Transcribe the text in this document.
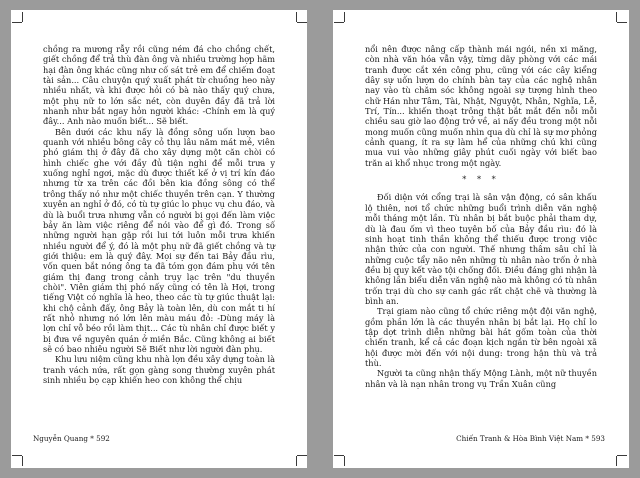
chồng ra mương rẫy rồi cũng ném đá cho chồng chết, giết chồng để trả thù đàn ông và nhiều trường hợp hãm hại đàn ông khác cũng như cố sát trẻ em để chiếm đoạt tài sản... Câu chuyện quý xuất phát từ chuồng heo này nhiều nhất, và khi được hỏi có bà nào thấy quý chưa, một phụ nữ to lớn sắc nét, còn duyên đầy đã trả lời nhanh như bắt ngay hỏn người khác: -Chính em là quý đây... Anh nào muốn biết... Sẽ biết.

Bên dưới các khu nấy là đồng sông uốn lượn bao quanh với nhiều bông cây cỏ thụ lâu năm mát mẻ, viên phó giám thị ở đây đã cho xây dựng một căn chòi có hình chiếc ghe với đầy đủ tiện nghi để mỗi trưa y xuống nghỉ ngơi, mặc dù được thiết kế ở vị trí kín đáo nhưng từ xa trên các đồi bên kia đồng sông có thể trông thấy nó như một chiếc thuyền trên cạn. Y thường xuyên an nghỉ ở đó, có tù tự giúc lo phục vụ chu đáo, và dù là buổi trưa nhưng vẫn có người bị gọi đến làm việc bảy ăn làm việc riêng để nói vào để gì đó. Trong số những người hạn gặp rồi lui tới luôn mỗi trưa khiến nhiều người để ý, đó là một phụ nữ đã giết chồng và tự giới thiệu: em là quý đây. Mọi sự đến tai Bảy đầu rìu, vốn quen bắt nóng ông ta đã tóm gọn đám phụ với tên giám thị đang trong cảnh trụy lạc trên "du thuyền chòi". Viên giám thị phó nấy cũng có tên là Hợi, trong tiếng Việt có nghĩa là heo, theo các tù tự giúc thuật lại: khi chộ cảnh đấy, ông Bảy là toàn lên, dù con mắt ti hí rất nhỏ nhưng nó lớn lên màu máu đỏ: -Dùng máy là lợn chỉ vỗ béo rồi làm thịt... Các tù nhân chỉ được biết y bị đưa về nguyên quán ở miền Bắc. Cũng không ai biết sẽ có bao nhiêu người Sẽ Biết như lời người đàn phụ.

Khu lưu niệm cũng khu nhà lợn đều xây dựng toàn là tranh vách nứa, rất gọn gàng song thường xuyên phát sinh nhiều bọ cạp khiến heo con không thể chịu

Nguyễn Quang * 592

nổi nên được nâng cấp thành mái ngói, nền xi măng, còn nhà văn hóa vẫn vậy, từng dãy phòng với các mái tranh được cắt xén công phu, cũng với các cây kiểng dây sự uốn lượn do chính bàn tay của các nghệ nhân nay vào tù chăm sóc không ngoài sự tượng hình theo chữ Hán như Tâm, Tài, Nhật, Nguyệt, Nhân, Nghĩa, Lễ, Trí, Tín... khiến thoạt trông thật bắt mắt đến nỗi mỗi chiều sau giờ lao động trở về, ai nấy đều trong một nỗi mong muốn cũng muốn nhìn qua dù chỉ là sự mơ phỏng cảnh quang, ít ra sự làm hể của những chú khi cũng mua vui vào những giây phút cuối ngày với biết bao trăn ai khổ nhục trong một ngày.

* * *

Đối diện với cổng trại là sân vận động, có sân khấu lộ thiên, nơi tổ chức những buổi trình diễn văn nghệ mỗi tháng một lần. Tù nhân bị bắt buộc phải tham dự, dù là đau ốm vì theo tuyên bố của Bảy đầu rìu: đó là sinh hoạt tinh thần không thể thiếu được trong việc nhận thức của con người. Thế nhưng thâm sâu chỉ là những cuộc tẩy não nên những tù nhân nào trốn ở nhà đều bị quy kết vào tội chống đối. Điều đáng ghi nhận là không lần biểu diễn văn nghệ nào mà không có tù nhân trốn trại dù cho sự canh gác rất chặt chẽ và thường là bình an.

Trại giam nào cũng tổ chức riêng một đội văn nghệ, gồm phần lớn là các thuyền nhân bị bắt lại. Họ chỉ lo tập dợt trình diễn những bài hát gốm toàn của thời chiến tranh, kể cả các đoạn kịch ngắn từ bên ngoài xã hội được mời đến với nội dung: trong hận thù và trả thù.

Người ta cũng nhận thấy Mộng Lành, một nữ thuyền nhân và là nạn nhân trong vụ Trần Xuân cũng

Chiến Tranh & Hòa Bình Việt Nam * 593
